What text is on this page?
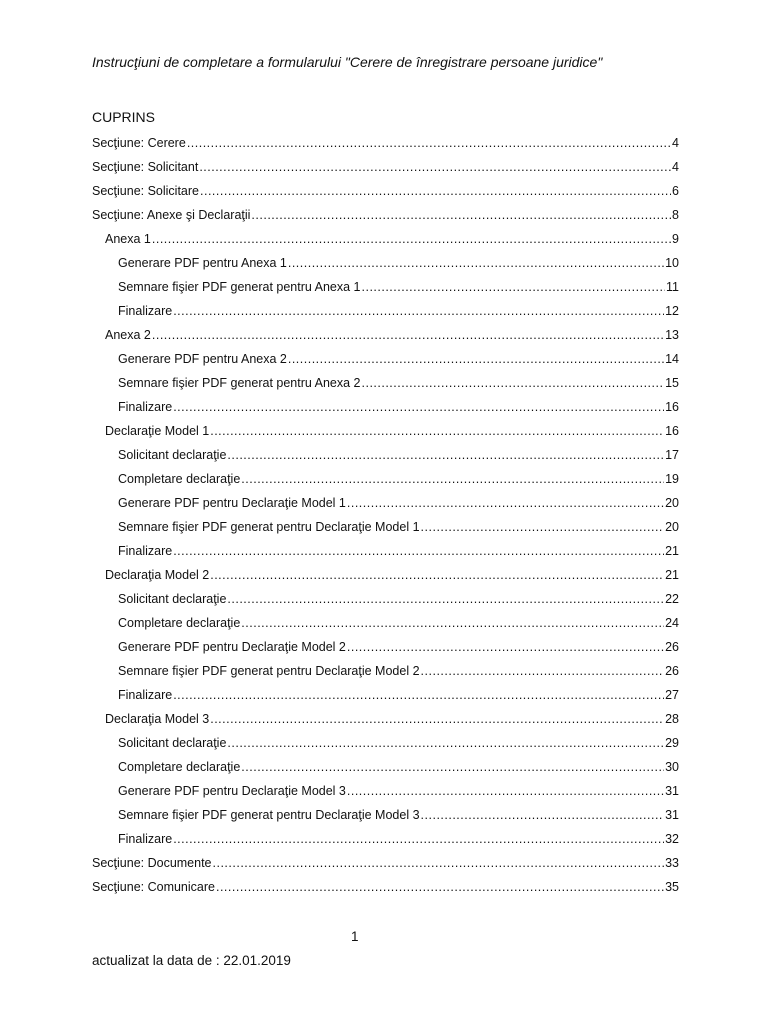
Instrucţiuni de completare a formularului "Cerere de înregistrare persoane juridice"
CUPRINS
Secţiune: Cerere .....	4
Secţiune: Solicitant .....	4
Secţiune: Solicitare .....	6
Secţiune: Anexe şi Declaraţii .....	8
Anexa 1 .....	9
Generare PDF pentru Anexa 1 .....	10
Semnare fişier PDF generat pentru Anexa 1 .....	11
Finalizare .....	12
Anexa 2 .....	13
Generare PDF pentru Anexa 2 .....	14
Semnare fişier PDF generat pentru Anexa 2 .....	15
Finalizare .....	16
Declaraţie Model 1 .....	16
Solicitant declaraţie .....	17
Completare declaraţie .....	19
Generare PDF pentru Declaraţie Model 1 .....	20
Semnare fişier PDF generat pentru Declaraţie Model 1 .....	20
Finalizare .....	21
Declaraţia Model 2 .....	21
Solicitant declaraţie .....	22
Completare declaraţie .....	24
Generare PDF pentru Declaraţie Model 2 .....	26
Semnare fişier PDF generat pentru Declaraţie Model 2 .....	26
Finalizare .....	27
Declaraţia Model 3 .....	28
Solicitant declaraţie .....	29
Completare declaraţie .....	30
Generare PDF pentru Declaraţie Model 3 .....	31
Semnare fişier PDF generat pentru Declaraţie Model 3 .....	31
Finalizare .....	32
Secţiune: Documente .....	33
Secţiune: Comunicare .....	35
1
actualizat la data de : 22.01.2019
